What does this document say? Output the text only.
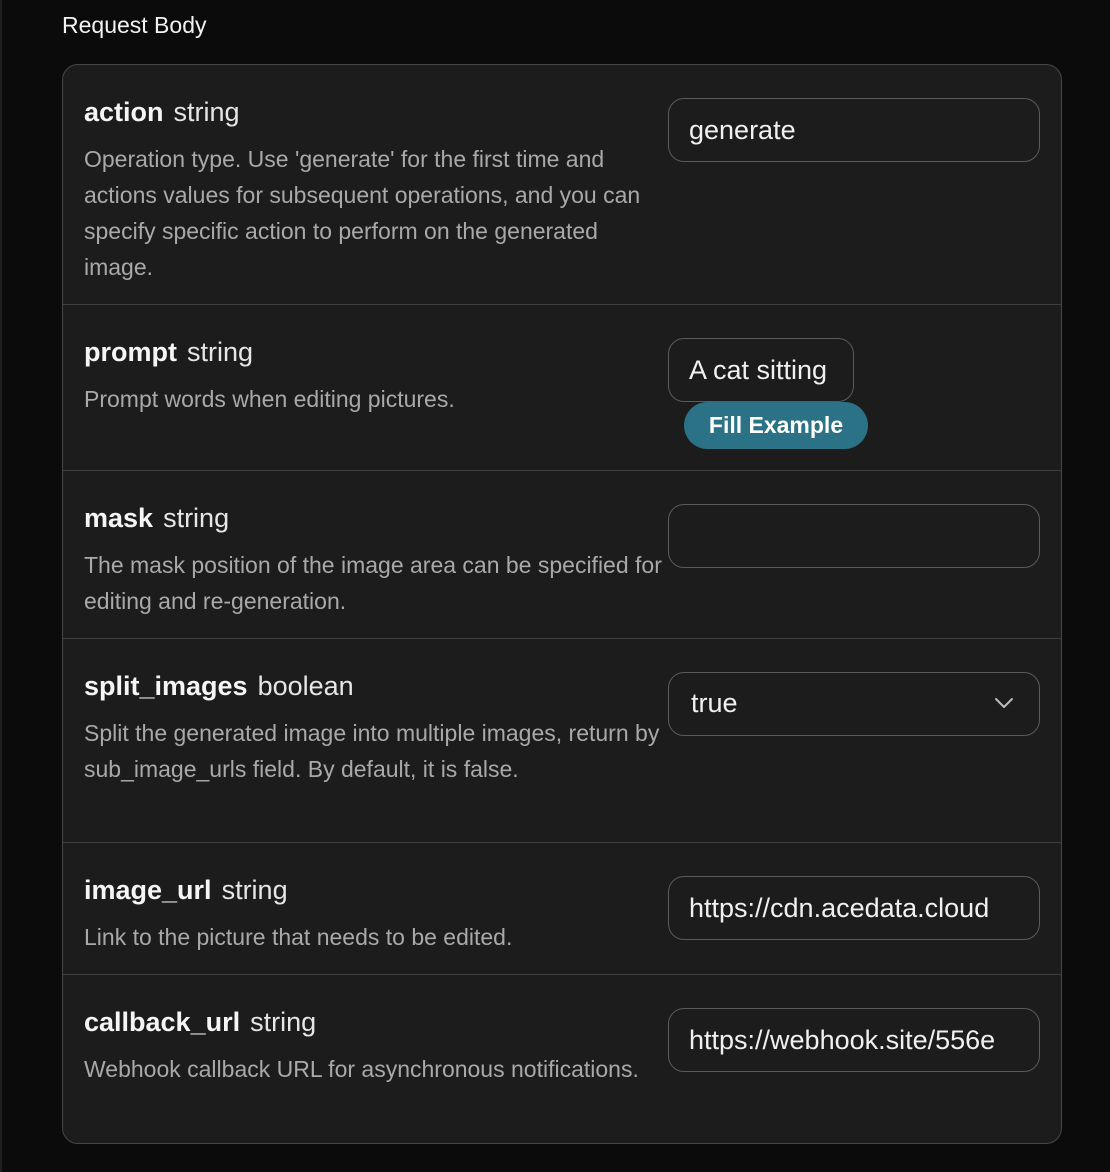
Request Body
action string
Operation type. Use 'generate' for the first time and actions values for subsequent operations, and you can specify specific action to perform on the generated image.
generate
prompt string
Prompt words when editing pictures.
A cat sitting
Fill Example
mask string
The mask position of the image area can be specified for editing and re-generation.
split_images boolean
Split the generated image into multiple images, return by sub_image_urls field. By default, it is false.
true
image_url string
Link to the picture that needs to be edited.
https://cdn.acedata.cloud
callback_url string
Webhook callback URL for asynchronous notifications.
https://webhook.site/556e
